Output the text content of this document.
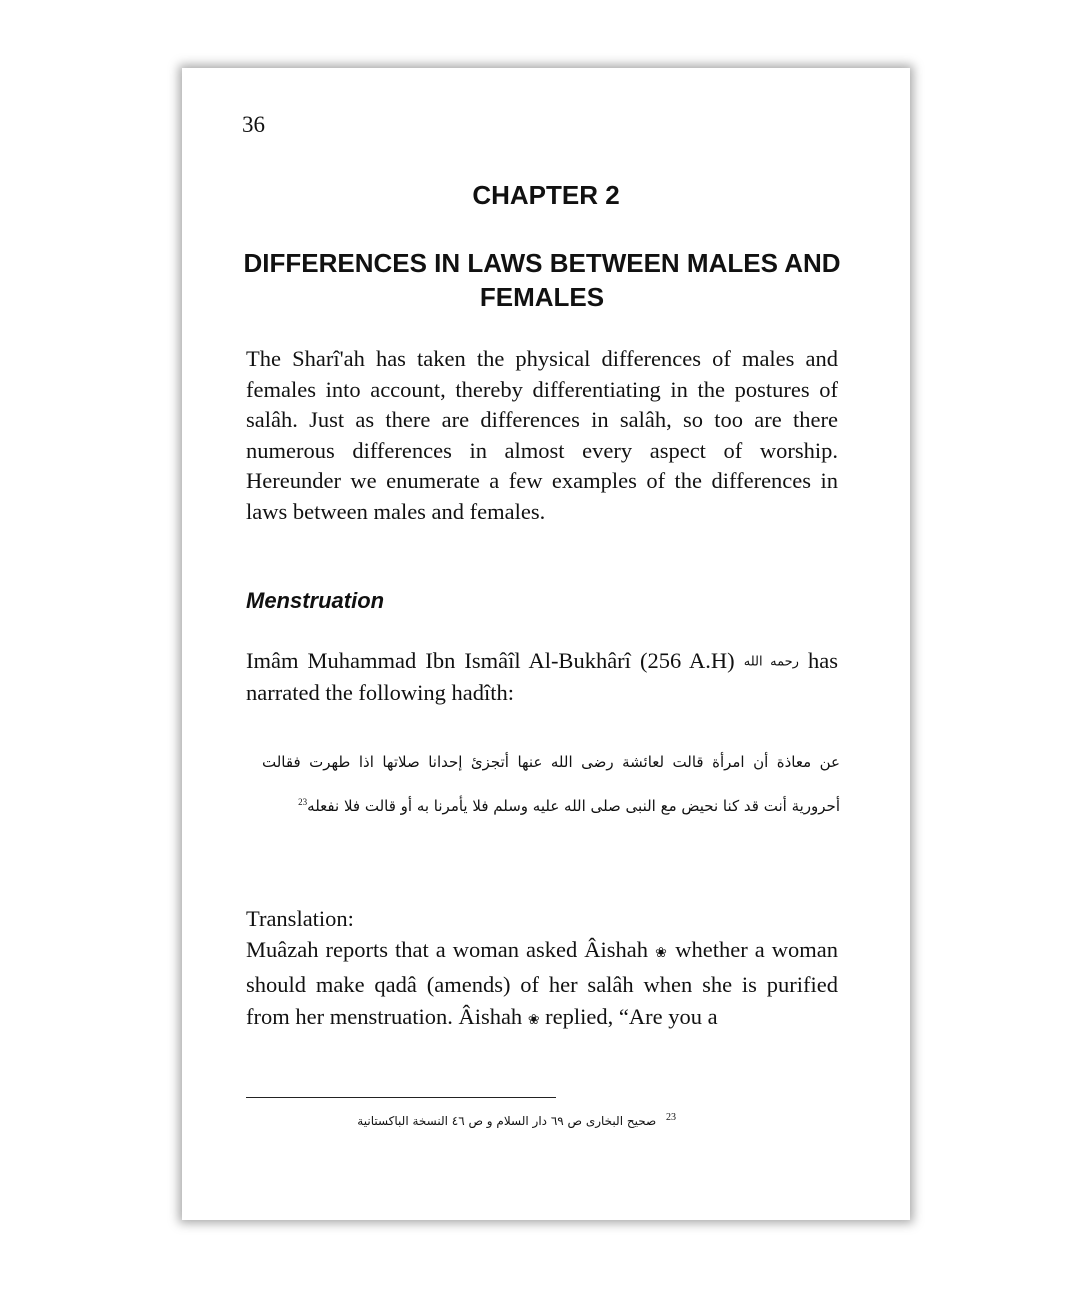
36
CHAPTER 2
DIFFERENCES IN LAWS BETWEEN MALES AND FEMALES
The Sharî'ah has taken the physical differences of males and females into account, thereby differentiating in the postures of salâh. Just as there are differences in salâh, so too are there numerous differences in almost every aspect of worship. Hereunder we enumerate a few examples of the differences in laws between males and females.
Menstruation
Imâm Muhammad Ibn Ismâîl Al-Bukhârî (256 A.H) رحمه الله has narrated the following hadîth:
عن معاذة أن امرأة قالت لعائشة رضى الله عنها أتجزئ إحدانا صلاتها اذا طهرت فقالت أحرورية أنت قد كنا نحيض مع النبى صلى الله عليه وسلم فلا يأمرنا به أو قالت فلا نفعله$^{23}$
Translation:
Muâzah reports that a woman asked Âishah ❀ whether a woman should make qadâ (amends) of her salâh when she is purified from her menstruation. Âishah ❀ replied, “Are you a
$^{23}$ صحيح البخارى ص ٦٩ دار السلام و ص ٤٦ النسخة الباكستانية
